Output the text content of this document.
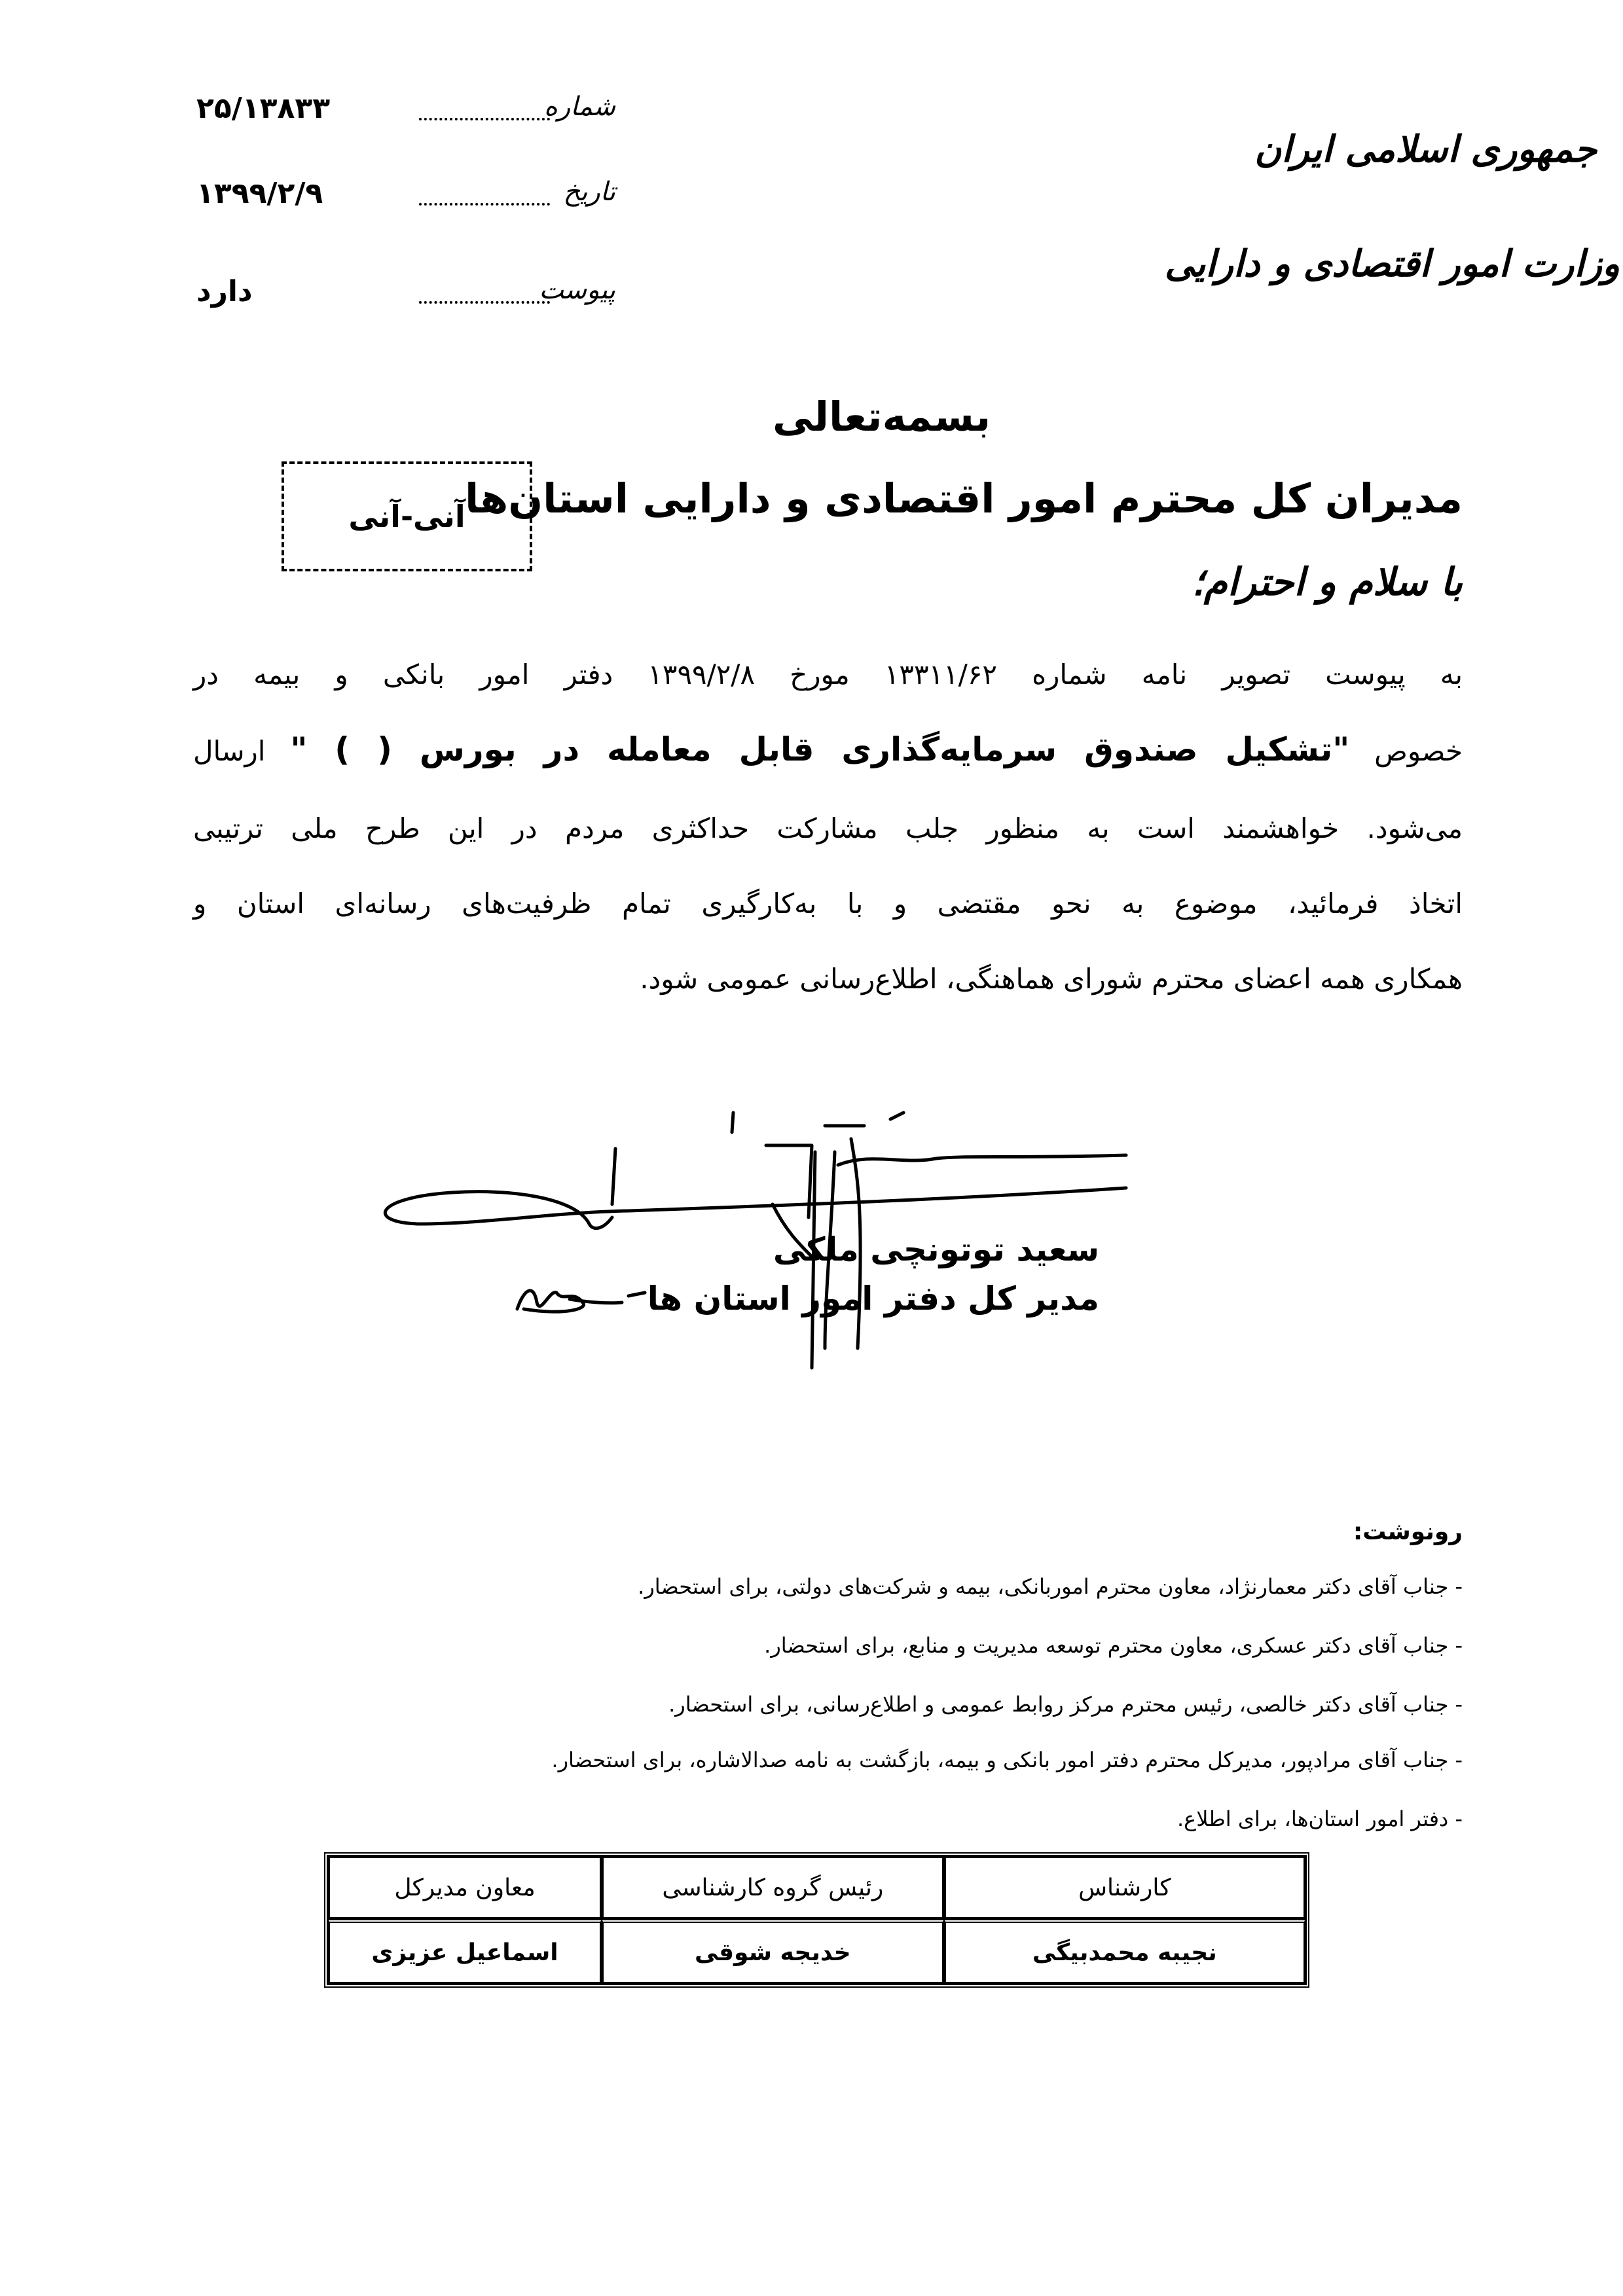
جمهوری اسلامی ایران
وزارت امور اقتصادی و دارایی
شماره
۲۵/۱۳۸۳۳
تاریخ
۱۳۹۹/۲/۹
پیوست
دارد
بسمه‌تعالی
مدیران کل محترم امور اقتصادی و دارایی استان‌ها
آنی-آنی
با سلام و احترام؛
به پیوست تصویر نامه شماره ۱۳۳۱۱/۶۲ مورخ ۱۳۹۹/۲/۸ دفتر امور بانکی و بیمه در
خصوص "تشکیل صندوق سرمایه‌گذاری قابل معامله در بورس ( ) " ارسال
می‌شود. خواهشمند است به منظور جلب مشارکت حداکثری مردم در این طرح ملی ترتیبی
اتخاذ فرمائید، موضوع به نحو مقتضی و با به‌کارگیری تمام ظرفیت‌های رسانه‌ای استان و
همکاری همه اعضای محترم شورای هماهنگی، اطلاع‌رسانی عمومی شود.
سعید توتونچی ملکی
مدیر کل دفتر امور استان ها
رونوشت:
- جناب آقای دکتر معمارنژاد، معاون محترم اموربانکی، بیمه و شرکت‌های دولتی، برای استحضار.
- جناب آقای دکتر عسکری، معاون محترم توسعه مدیریت و منابع، برای استحضار.
- جناب آقای دکتر خالصی، رئیس محترم مرکز روابط عمومی و اطلاع‌رسانی، برای استحضار.
- جناب آقای مرادپور، مدیرکل محترم دفتر امور بانکی و بیمه، بازگشت به نامه صدالاشاره، برای استحضار.
- دفتر امور استان‌ها، برای اطلاع.
کارشناس	رئیس گروه کارشناسی	معاون مدیرکل
نجیبه محمدبیگی	خدیجه شوقی	اسماعیل عزیزی
